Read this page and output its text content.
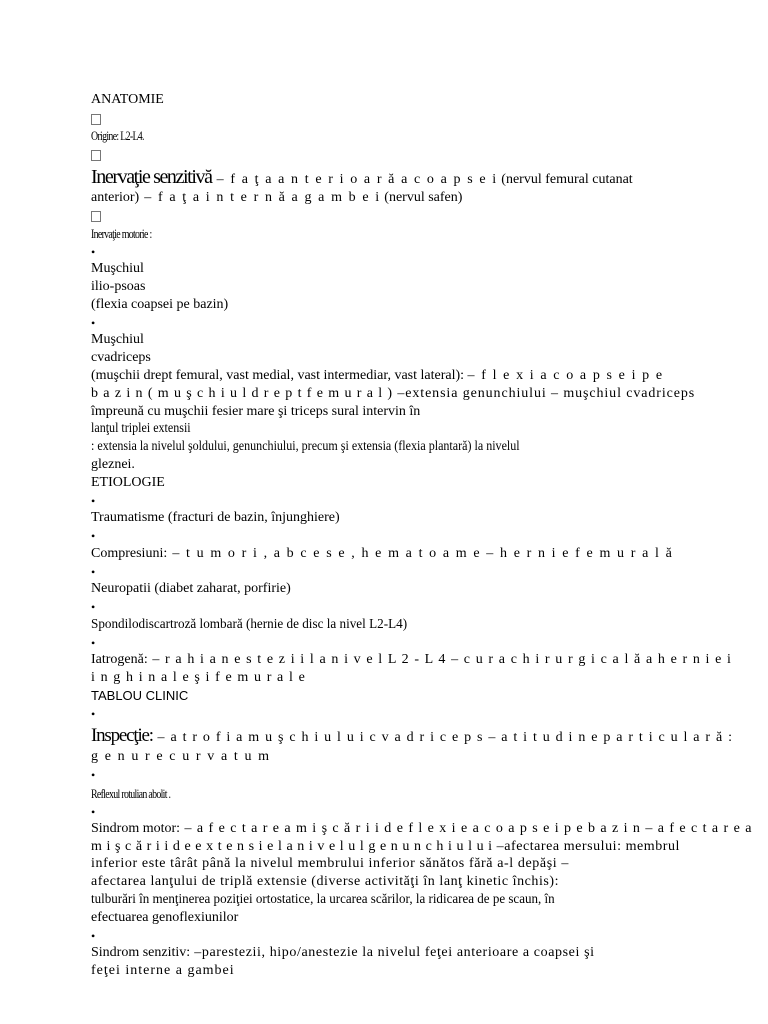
ANATOMIE
Origine: L2-L4.
Inervaţie senzitivă – f a ţ a a n t e r i o a r ă a c o a p s e i (nervul femural cutanat
anterior) – f a ţ a i n t e r n ă a g a m b e i (nervul safen)
Inervaţie motorie :
•
Muşchiul
ilio-psoas
(flexia coapsei pe bazin)
•
Muşchiul
cvadriceps
(muşchii drept femural, vast medial, vast intermediar, vast lateral): – f l e x i a c o a p s e i p e
b a z i n ( m u ş c h i u l d r e p t f e m u r a l ) –extensia genunchiului – muşchiul cvadriceps
împreună cu muşchii fesier mare şi triceps sural intervin în
lanţul triplei extensii
: extensia la nivelul şoldului, genunchiului, precum şi extensia (flexia plantară) la nivelul
gleznei.
ETIOLOGIE
•
Traumatisme (fracturi de bazin, înjunghiere)
•
Compresiuni: – t u m o r i , a b c e s e , h e m a t o a m e – h e r n i e f e m u r a l ă
•
Neuropatii (diabet zaharat, porfirie)
•
Spondilodiscartroză lombară (hernie de disc la nivel L2-L4)
•
Iatrogenă: – r a h i a n e s t e z i i l a n i v e l L 2 - L 4 – c u r a c h i r u r g i c a l ă a h e r n i e i
i n g h i n a l e ş i f e m u r a l e
TABLOU CLINIC
•
Inspecţie: – a t r o f i a m u ş c h i u l u i c v a d r i c e p s – a t i t u d i n e p a r t i c u l a r ă :
g e n u r e c u r v a t u m
•
Reflexul rotulian abolit .
•
Sindrom motor: – a f e c t a r e a m i ş c ă r i i d e f l e x i e a c o a p s e i p e b a z i n – a f e c t a r e a
m i ş c ă r i i d e e x t e n s i e l a n i v e l u l g e n u n c h i u l u i –afectarea mersului: membrul
inferior este târât până la nivelul membrului inferior sănătos fără a-l depăşi –
afectarea lanţului de triplă extensie (diverse activităţi în lanţ kinetic închis):
tulburări în menţinerea poziţiei ortostatice, la urcarea scărilor, la ridicarea de pe scaun, în
efectuarea genoflexiunilor
•
Sindrom senzitiv: –parestezii, hipo/anestezie la nivelul feţei anterioare a coapsei şi
feţei interne a gambei
